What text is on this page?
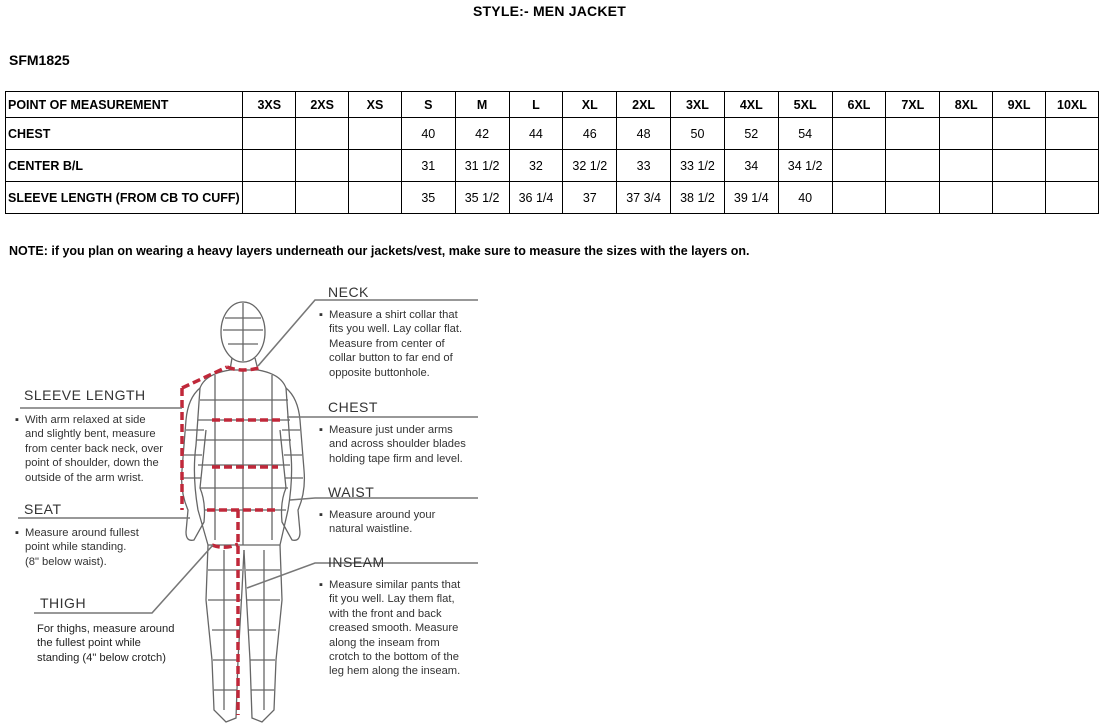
STYLE:- MEN JACKET
SFM1825
POINT OF MEASUREMENT	3XS	2XS	XS	S	M	L	XL	2XL	3XL	4XL	5XL	6XL	7XL	8XL	9XL	10XL
CHEST				40	42	44	46	48	50	52	54					
CENTER B/L				31	31 1/2	32	32 1/2	33	33 1/2	34	34 1/2					
SLEEVE LENGTH (FROM CB TO CUFF)				35	35 1/2	36 1/4	37	37 3/4	38 1/2	39 1/4	40					
NOTE: if you plan on wearing a heavy layers underneath our jackets/vest, make sure to measure the sizes with the layers on.
NECK
▪ Measure a shirt collar that
fits you well. Lay collar flat.
Measure from center of
collar button to far end of
opposite buttonhole.
CHEST
▪ Measure just under arms
and across shoulder blades
holding tape firm and level.
WAIST
▪ Measure around your
natural waistline.
INSEAM
▪ Measure similar pants that
fit you well. Lay them flat,
with the front and back
creased smooth. Measure
along the inseam from
crotch to the bottom of the
leg hem along the inseam.
SLEEVE LENGTH
▪ With arm relaxed at side
and slightly bent, measure
from center back neck, over
point of shoulder, down the
outside of the arm wrist.
SEAT
▪ Measure around fullest
point while standing.
(8" below waist).
THIGH
For thighs, measure around
the fullest point while
standing (4" below crotch)
